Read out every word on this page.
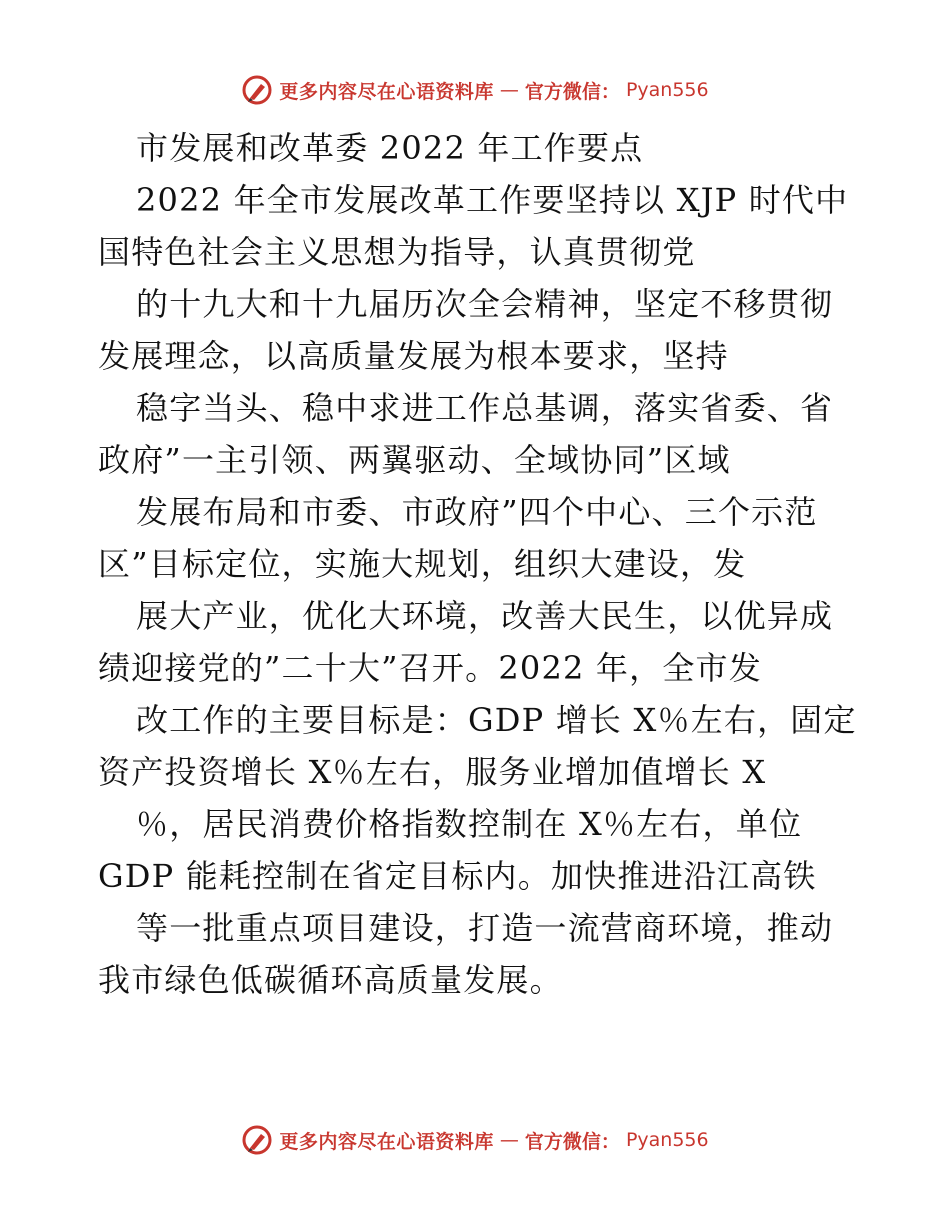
更多内容尽在心语资料库 — 官方微信： Pyan556
市发展和改革委 2022 年工作要点
2022 年全市发展改革工作要坚持以 XJP 时代中
国特色社会主义思想为指导，认真贯彻党
的十九大和十九届历次全会精神，坚定不移贯彻
发展理念，以高质量发展为根本要求，坚持
稳字当头、稳中求进工作总基调，落实省委、省
政府”一主引领、两翼驱动、全域协同”区域
发展布局和市委、市政府”四个中心、三个示范
区”目标定位，实施大规划，组织大建设，发
展大产业，优化大环境，改善大民生，以优异成
绩迎接党的”二十大”召开。2022 年，全市发
改工作的主要目标是：GDP 增长 X％左右，固定
资产投资增长 X％左右，服务业增加值增长 X
％，居民消费价格指数控制在 X％左右，单位
GDP 能耗控制在省定目标内。加快推进沿江高铁
等一批重点项目建设，打造一流营商环境，推动
我市绿色低碳循环高质量发展。
更多内容尽在心语资料库 — 官方微信： Pyan556
